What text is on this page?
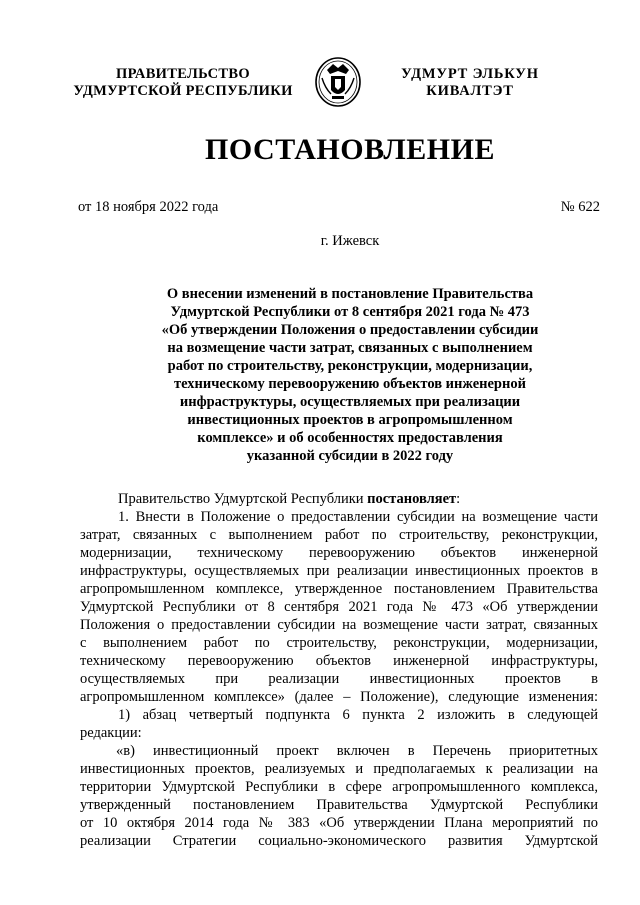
ПРАВИТЕЛЬСТВО
УДМУРТСКОЙ РЕСПУБЛИКИ
УДМУРТ ЭЛЬКУН
КИВАЛТЭТ
ПОСТАНОВЛЕНИЕ
от 18 ноября 2022 года	№ 622
г. Ижевск
О внесении изменений в постановление Правительства
Удмуртской Республики от 8 сентября 2021 года № 473
«Об утверждении Положения о предоставлении субсидии
на возмещение части затрат, связанных с выполнением
работ по строительству, реконструкции, модернизации,
техническому перевооружению объектов инженерной
инфраструктуры, осуществляемых при реализации
инвестиционных проектов в агропромышленном
комплексе» и об особенностях предоставления
указанной субсидии в 2022 году
Правительство Удмуртской Республики постановляет:
1. Внести в Положение о предоставлении субсидии на возмещение части
затрат, связанных с выполнением работ по строительству, реконструкции,
модернизации, техническому перевооружению объектов инженерной
инфраструктуры, осуществляемых при реализации инвестиционных проектов в
агропромышленном комплексе, утвержденное постановлением Правительства
Удмуртской Республики от 8 сентября 2021 года № 473 «Об утверждении
Положения о предоставлении субсидии на возмещение части затрат, связанных
с выполнением работ по строительству, реконструкции, модернизации,
техническому перевооружению объектов инженерной инфраструктуры,
осуществляемых при реализации инвестиционных проектов в
агропромышленном комплексе» (далее – Положение), следующие изменения:
1) абзац четвертый подпункта 6 пункта 2 изложить в следующей
редакции:
«в) инвестиционный проект включен в Перечень приоритетных
инвестиционных проектов, реализуемых и предполагаемых к реализации на
территории Удмуртской Республики в сфере агропромышленного комплекса,
утвержденный постановлением Правительства Удмуртской Республики
от 10 октября 2014 года № 383 «Об утверждении Плана мероприятий по
реализации Стратегии социально-экономического развития Удмуртской
